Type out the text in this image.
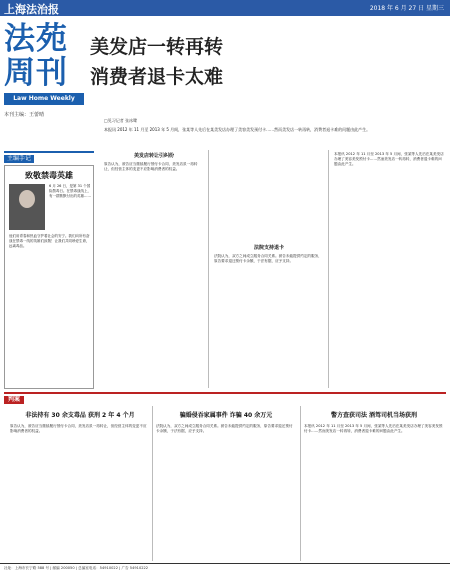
上海法治报	2018 年 6 月 27 日 星期三
法苑
周刊
Law Home Weekly
本刊主编：王蕾晴
美发店一转再转
消费者退卡太难
□见习记者 张冰鹭
本报讯 2012 年 11 月至 2013 年 5 月间，张某等人先后在某美发店办理了美容美发预付卡……然而美发店一转再转，消费者退卡难的问题由此产生。
主编手记
致敬禁毒英雄
6 月 26 日，是第 31 个国际禁毒日。在禁毒战线上，有一群默默付出的英雄……
他们用青春和热血守护着社会的安宁。我们向所有奋战在禁毒一线的英雄们致敬！让我们共同珍爱生命，远离毒品。
美发店转让引纠纷
原告认为，被告应当继续履行预付卡合同，美发店虽一再转让，但经营主体的变更不应影响消费者的权益。
法院支持退卡
法院认为，双方之间成立服务合同关系。被告未能提供约定的服务，原告要求退还预付卡余额，于法有据，应予支持。
本报讯 2012 年 11 月至 2013 年 5 月间，张某等人先后在某美发店办理了美容美发预付卡……然而美发店一转再转，消费者退卡难的问题由此产生。
判案
非法持有 30 余支毒品 获刑 2 年 4 个月
原告认为，被告应当继续履行预付卡合同，美发店虽一再转让，但经营主体的变更不应影响消费者的权益。
骗婚侵吞家属事件 诈骗 40 余万元
法院认为，双方之间成立服务合同关系。被告未能提供约定的服务，原告要求退还预付卡余额，于法有据，应予支持。
警方查获司法 酒驾司机当场获刑
本报讯 2012 年 11 月至 2013 年 5 月间，张某等人先后在某美发店办理了美容美发预付卡……然而美发店一转再转，消费者退卡难的问题由此产生。
社址：上海市长宁路 588 号 | 邮编 200050 | 总编室电话：54910022 | 广告 54910222
